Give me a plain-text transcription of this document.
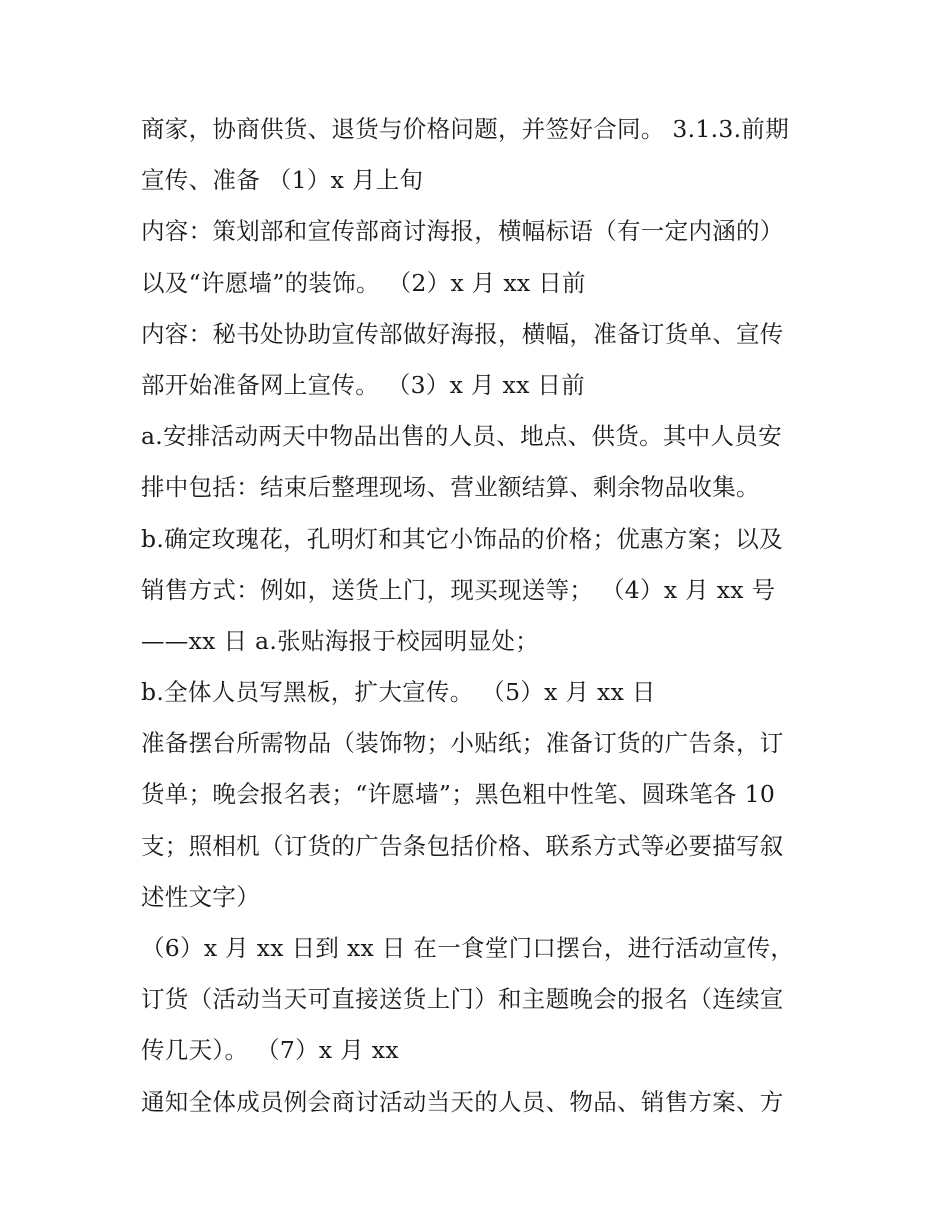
商家，协商供货、退货与价格问题，并签好合同。 3.1.3.前期
宣传、准备 （1）x 月上旬
内容：策划部和宣传部商讨海报，横幅标语（有一定内涵的）
以及“许愿墙”的装饰。 （2）x 月 xx 日前
内容：秘书处协助宣传部做好海报，横幅，准备订货单、宣传
部开始准备网上宣传。 （3）x 月 xx 日前
a.安排活动两天中物品出售的人员、地点、供货。其中人员安
排中包括：结束后整理现场、营业额结算、剩余物品收集。
b.确定玫瑰花，孔明灯和其它小饰品的价格；优惠方案；以及
销售方式：例如，送货上门，现买现送等； （4）x 月 xx 号
——xx 日 a.张贴海报于校园明显处；
b.全体人员写黑板，扩大宣传。 （5）x 月 xx 日
准备摆台所需物品（装饰物；小贴纸；准备订货的广告条，订
货单；晚会报名表；“许愿墙”；黑色粗中性笔、圆珠笔各 10
支；照相机（订货的广告条包括价格、联系方式等必要描写叙
述性文字）
（6）x 月 xx 日到 xx 日 在一食堂门口摆台，进行活动宣传，
订货（活动当天可直接送货上门）和主题晚会的报名（连续宣
传几天）。 （7）x 月 xx
通知全体成员例会商讨活动当天的人员、物品、销售方案、方
